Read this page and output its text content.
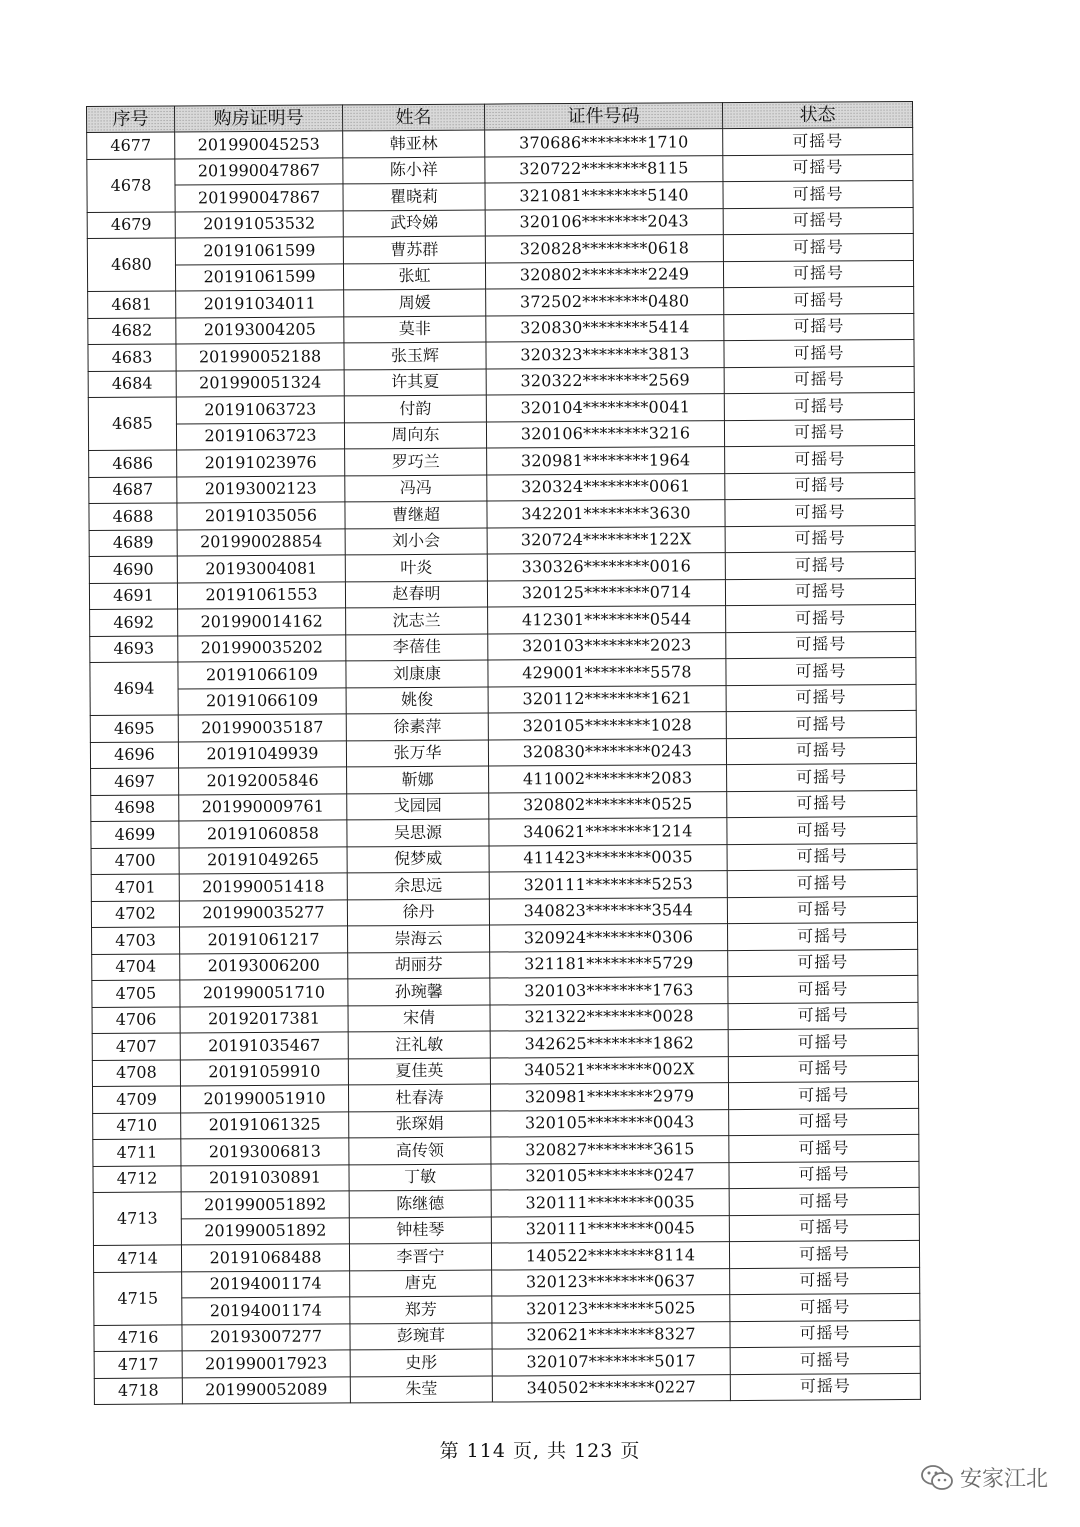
序号	购房证明号	姓名	证件号码	状态
4677	201990045253	韩亚林	370686********1710	可摇号
4678	201990047867	陈小祥	320722********8115	可摇号
	201990047867	瞿晓莉	321081********5140	可摇号
4679	20191053532	武玲娣	320106********2043	可摇号
4680	20191061599	曹苏群	320828********0618	可摇号
	20191061599	张虹	320802********2249	可摇号
4681	20191034011	周媛	372502********0480	可摇号
4682	20193004205	莫非	320830********5414	可摇号
4683	201990052188	张玉辉	320323********3813	可摇号
4684	201990051324	许其夏	320322********2569	可摇号
4685	20191063723	付韵	320104********0041	可摇号
	20191063723	周向东	320106********3216	可摇号
4686	20191023976	罗巧兰	320981********1964	可摇号
4687	20193002123	冯冯	320324********0061	可摇号
4688	20191035056	曹继超	342201********3630	可摇号
4689	201990028854	刘小会	320724********122X	可摇号
4690	20193004081	叶炎	330326********0016	可摇号
4691	20191061553	赵春明	320125********0714	可摇号
4692	201990014162	沈志兰	412301********0544	可摇号
4693	201990035202	李蓓佳	320103********2023	可摇号
4694	20191066109	刘康康	429001********5578	可摇号
	20191066109	姚俊	320112********1621	可摇号
4695	201990035187	徐素萍	320105********1028	可摇号
4696	20191049939	张万华	320830********0243	可摇号
4697	20192005846	靳娜	411002********2083	可摇号
4698	201990009761	戈园园	320802********0525	可摇号
4699	20191060858	吴思源	340621********1214	可摇号
4700	20191049265	倪梦威	411423********0035	可摇号
4701	201990051418	余思远	320111********5253	可摇号
4702	201990035277	徐丹	340823********3544	可摇号
4703	20191061217	崇海云	320924********0306	可摇号
4704	20193006200	胡丽芬	321181********5729	可摇号
4705	201990051710	孙琬馨	320103********1763	可摇号
4706	20192017381	宋倩	321322********0028	可摇号
4707	20191035467	汪礼敏	342625********1862	可摇号
4708	20191059910	夏佳英	340521********002X	可摇号
4709	201990051910	杜春涛	320981********2979	可摇号
4710	20191061325	张琛娟	320105********0043	可摇号
4711	20193006813	高传领	320827********3615	可摇号
4712	20191030891	丁敏	320105********0247	可摇号
4713	201990051892	陈继德	320111********0035	可摇号
	201990051892	钟桂琴	320111********0045	可摇号
4714	20191068488	李晋宁	140522********8114	可摇号
4715	20194001174	唐克	320123********0637	可摇号
	20194001174	郑芳	320123********5025	可摇号
4716	20193007277	彭琬茸	320621********8327	可摇号
4717	201990017923	史彤	320107********5017	可摇号
4718	201990052089	朱莹	340502********0227	可摇号
第 114 页, 共 123 页
安家江北
